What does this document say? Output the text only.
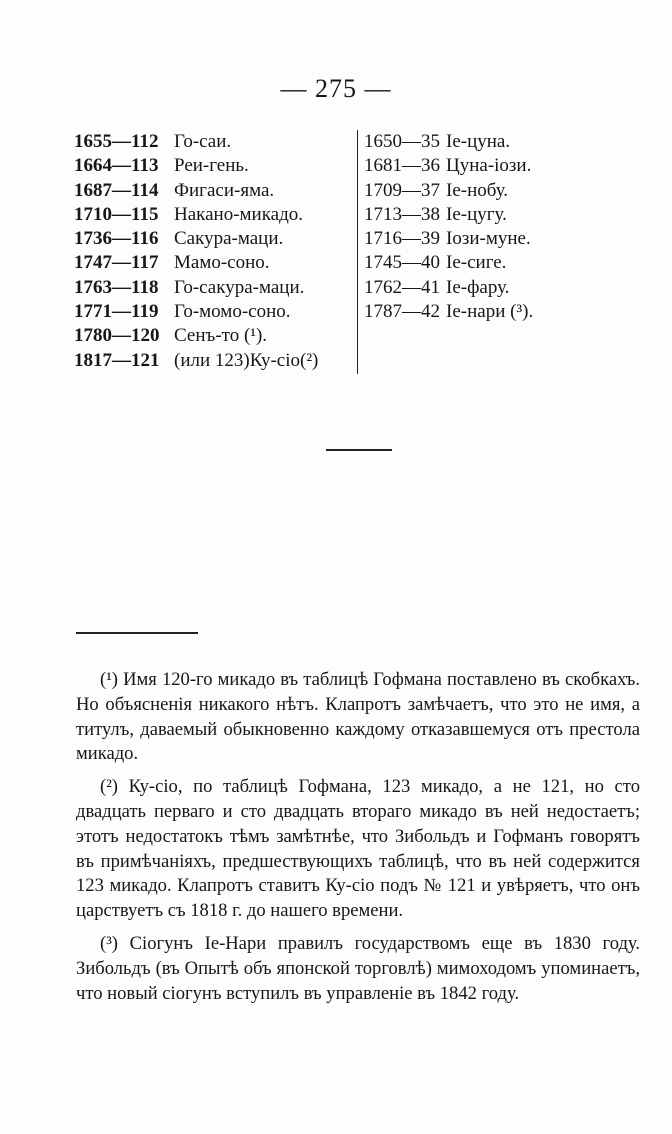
— 275 —
1655—112 Го-саи.
1664—113 Реи-гень.
1687—114 Фигаси-яма.
1710—115 Накано-микадо.
1736—116 Сакура-маци.
1747—117 Мамо-соно.
1763—118 Го-сакура-маци.
1771—119 Го-момо-соно.
1780—120 Сенъ-то (¹).
1817—121 (или 123)Ку-сіо(²)
1650—35 Іе-цуна.
1681—36 Цуна-іози.
1709—37 Іе-нобу.
1713—38 Іе-цугу.
1716—39 Іози-муне.
1745—40 Іе-сиге.
1762—41 Іе-фару.
1787—42 Іе-нари (³).

(¹) Имя 120-го микадо въ таблицѣ Гофмана поставлено въ скобкахъ. Но объясненія никакого нѣтъ. Клапротъ замѣчаетъ, что это не имя, а титулъ, даваемый обыкновенно каждому отказавшемуся отъ престола микадо.

(²) Ку-сіо, по таблицѣ Гофмана, 123 микадо, а не 121, но сто двадцать перваго и сто двадцать втораго микадо въ ней недостаетъ; этотъ недостатокъ тѣмъ замѣтнѣе, что Зибольдъ и Гофманъ говорятъ въ примѣчаніяхъ, предшествующихъ таблицѣ, что въ ней содержится 123 микадо. Клапротъ ставитъ Ку-сіо подъ № 121 и увѣряетъ, что онъ царствуетъ съ 1818 г. до нашего времени.

(³) Сіогунъ Іе-Нари правилъ государствомъ еще въ 1830 году. Зибольдъ (въ Опытѣ объ японской торговлѣ) мимоходомъ упоминаетъ, что новый сіогунъ вступилъ въ управленіе въ 1842 году.
